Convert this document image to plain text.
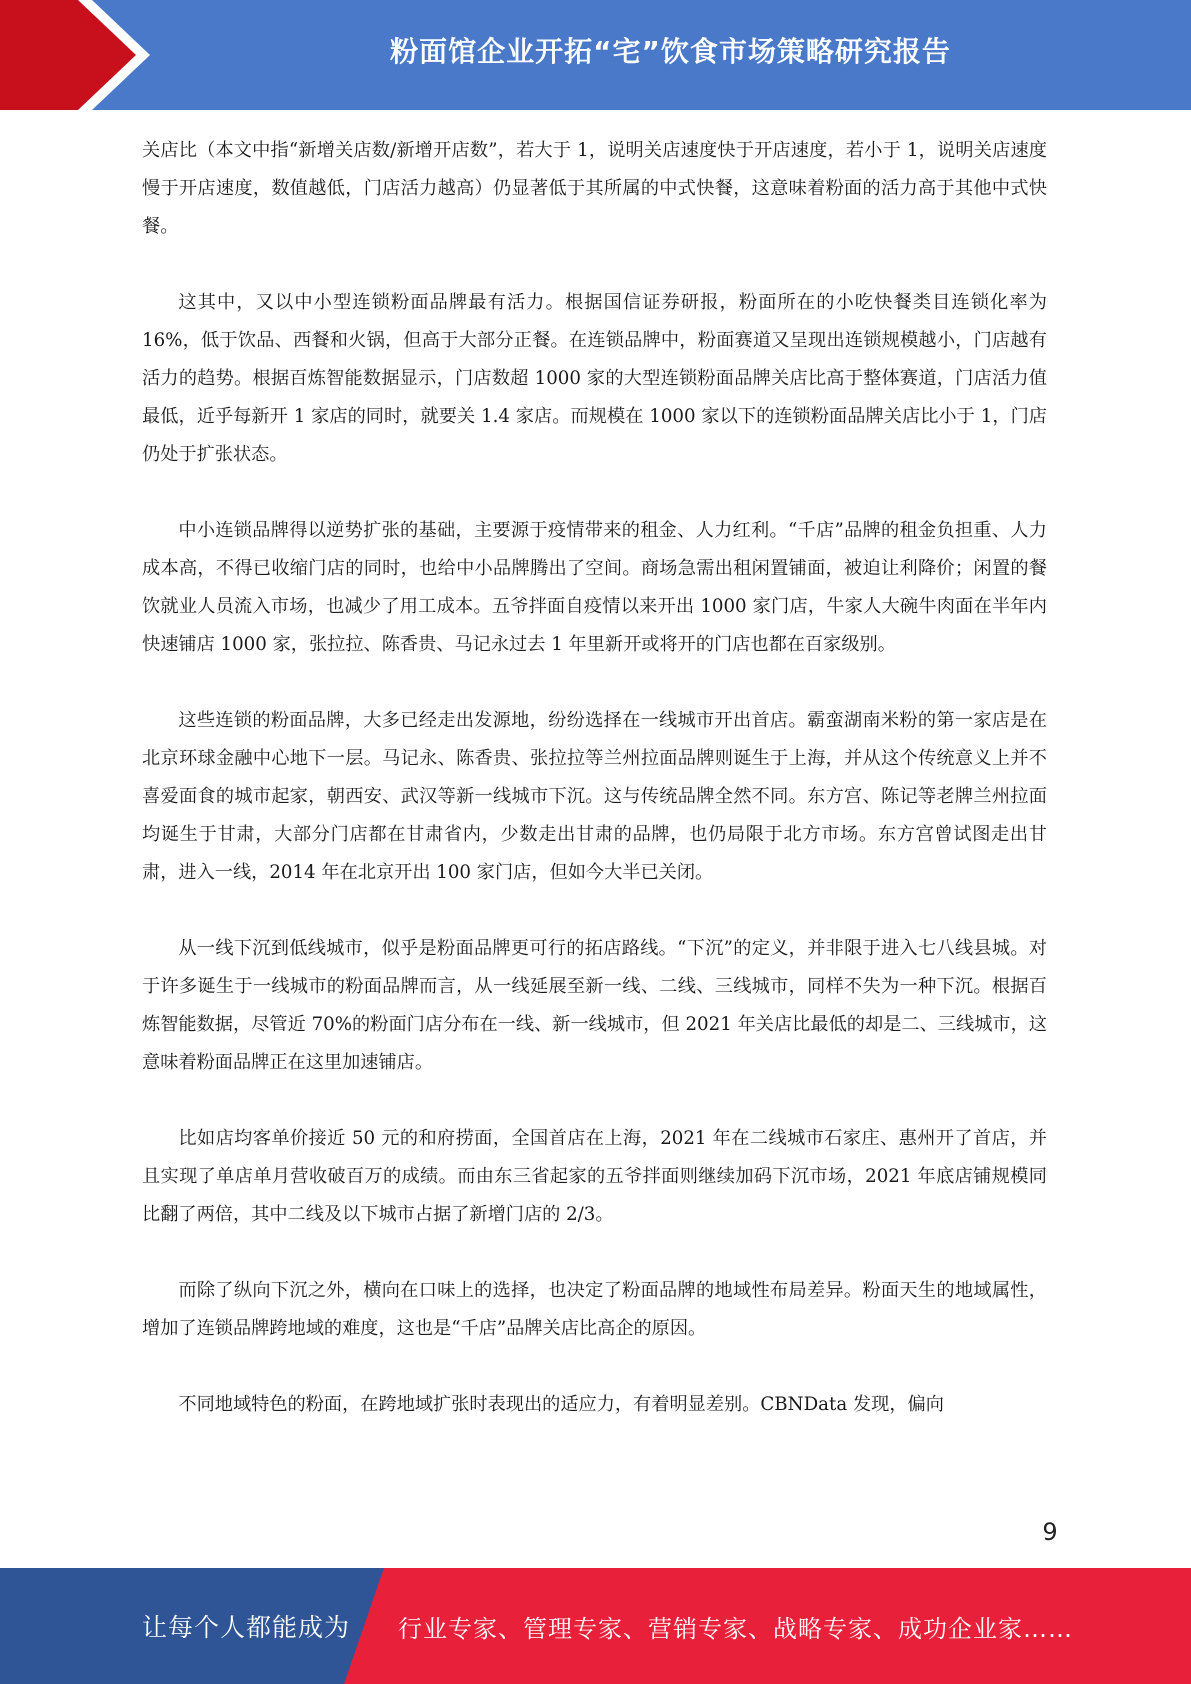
粉面馆企业开拓“宅”饮食市场策略研究报告

关店比（本文中指“新增关店数/新增开店数”，若大于 1，说明关店速度快于开店速度，若小于 1，说明关店速度慢于开店速度，数值越低，门店活力越高）仍显著低于其所属的中式快餐，这意味着粉面的活力高于其他中式快餐。

这其中，又以中小型连锁粉面品牌最有活力。根据国信证券研报，粉面所在的小吃快餐类目连锁化率为 16%，低于饮品、西餐和火锅，但高于大部分正餐。在连锁品牌中，粉面赛道又呈现出连锁规模越小，门店越有活力的趋势。根据百炼智能数据显示，门店数超 1000 家的大型连锁粉面品牌关店比高于整体赛道，门店活力值最低，近乎每新开 1 家店的同时，就要关 1.4 家店。而规模在 1000 家以下的连锁粉面品牌关店比小于 1，门店仍处于扩张状态。

中小连锁品牌得以逆势扩张的基础，主要源于疫情带来的租金、人力红利。“千店”品牌的租金负担重、人力成本高，不得已收缩门店的同时，也给中小品牌腾出了空间。商场急需出租闲置铺面，被迫让利降价；闲置的餐饮就业人员流入市场，也减少了用工成本。五爷拌面自疫情以来开出 1000 家门店，牛家人大碗牛肉面在半年内快速铺店 1000 家，张拉拉、陈香贵、马记永过去 1 年里新开或将开的门店也都在百家级别。

这些连锁的粉面品牌，大多已经走出发源地，纷纷选择在一线城市开出首店。霸蛮湖南米粉的第一家店是在北京环球金融中心地下一层。马记永、陈香贵、张拉拉等兰州拉面品牌则诞生于上海，并从这个传统意义上并不喜爱面食的城市起家，朝西安、武汉等新一线城市下沉。这与传统品牌全然不同。东方宫、陈记等老牌兰州拉面均诞生于甘肃，大部分门店都在甘肃省内，少数走出甘肃的品牌，也仍局限于北方市场。东方宫曾试图走出甘肃，进入一线，2014 年在北京开出 100 家门店，但如今大半已关闭。

从一线下沉到低线城市，似乎是粉面品牌更可行的拓店路线。“下沉”的定义，并非限于进入七八线县城。对于许多诞生于一线城市的粉面品牌而言，从一线延展至新一线、二线、三线城市，同样不失为一种下沉。根据百炼智能数据，尽管近 70%的粉面门店分布在一线、新一线城市，但 2021 年关店比最低的却是二、三线城市，这意味着粉面品牌正在这里加速铺店。

比如店均客单价接近 50 元的和府捞面，全国首店在上海，2021 年在二线城市石家庄、惠州开了首店，并且实现了单店单月营收破百万的成绩。而由东三省起家的五爷拌面则继续加码下沉市场，2021 年底店铺规模同比翻了两倍，其中二线及以下城市占据了新增门店的 2/3。

而除了纵向下沉之外，横向在口味上的选择，也决定了粉面品牌的地域性布局差异。粉面天生的地域属性，增加了连锁品牌跨地域的难度，这也是“千店”品牌关店比高企的原因。

不同地域特色的粉面，在跨地域扩张时表现出的适应力，有着明显差别。CBNData 发现，偏向

9
让每个人都能成为 行业专家、管理专家、营销专家、战略专家、成功企业家……
